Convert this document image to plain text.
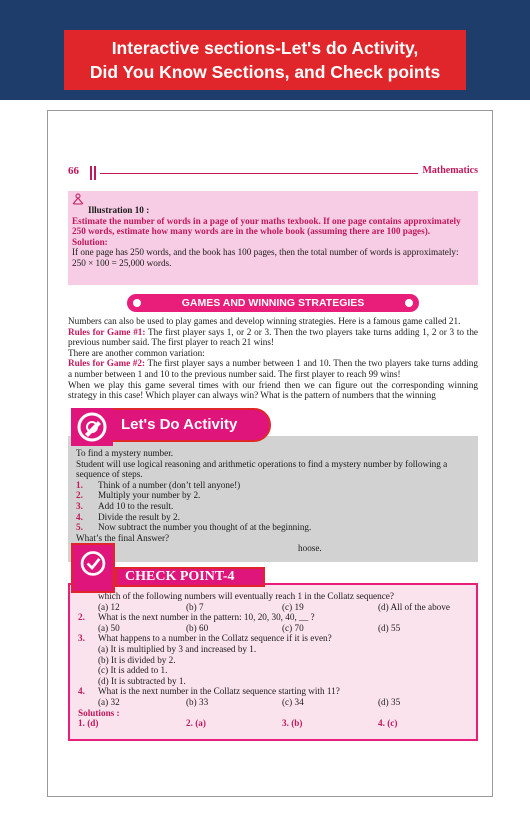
Interactive sections-Let's do Activity,
Did You Know Sections, and Check points
66	Mathematics
Illustration 10 :
Estimate the number of words in a page of your maths texbook. If one page contains approximately 250 words, estimate how many words are in the whole book (assuming there are 100 pages).
Solution:
If one page has 250 words, and the book has 100 pages, then the total number of words is approximately:
250 × 100 = 25,000 words.
GAMES AND WINNING STRATEGIES
Numbers can also be used to play games and develop winning strategies. Here is a famous game called 21.
Rules for Game #1: The first player says 1, or 2 or 3. Then the two players take turns adding 1, 2 or 3 to the previous number said. The first player to reach 21 wins!
There are another common variation:
Rules for Game #2: The first player says a number between 1 and 10. Then the two players take turns adding a number between 1 and 10 to the previous number said. The first player to reach 99 wins!
When we play this game several times with our friend then we can figure out the corresponding winning strategy in this case! Which player can always win? What is the pattern of numbers that the winning
To find a mystery number.
Student will use logical reasoning and arithmetic operations to find a mystery number by following a sequence of steps.
1. Think of a number (don’t tell anyone!)
2. Multiply your number by 2.
3. Add 10 to the result.
4. Divide the result by 2.
5. Now subtract the number you thought of at the beginning.
What’s the final Answer?
hoose.
Let's Do Activity
which of the following numbers will eventually reach 1 in the Collatz sequence?
(a) 12	(b) 7	(c) 19	(d) All of the above
2.	What is the next number in the pattern: 10, 20, 30, 40, __ ?
(a) 50	(b) 60	(c) 70	(d) 55
3.	What happens to a number in the Collatz sequence if it is even?
(a) It is multiplied by 3 and increased by 1.
(b) It is divided by 2.
(c) It is added to 1.
(d) It is subtracted by 1.
4.	What is the next number in the Collatz sequence starting with 11?
(a) 32	(b) 33	(c) 34	(d) 35
Solutions :
1. (d)	2. (a)	3. (b)	4. (c)
CHECK POINT-4
